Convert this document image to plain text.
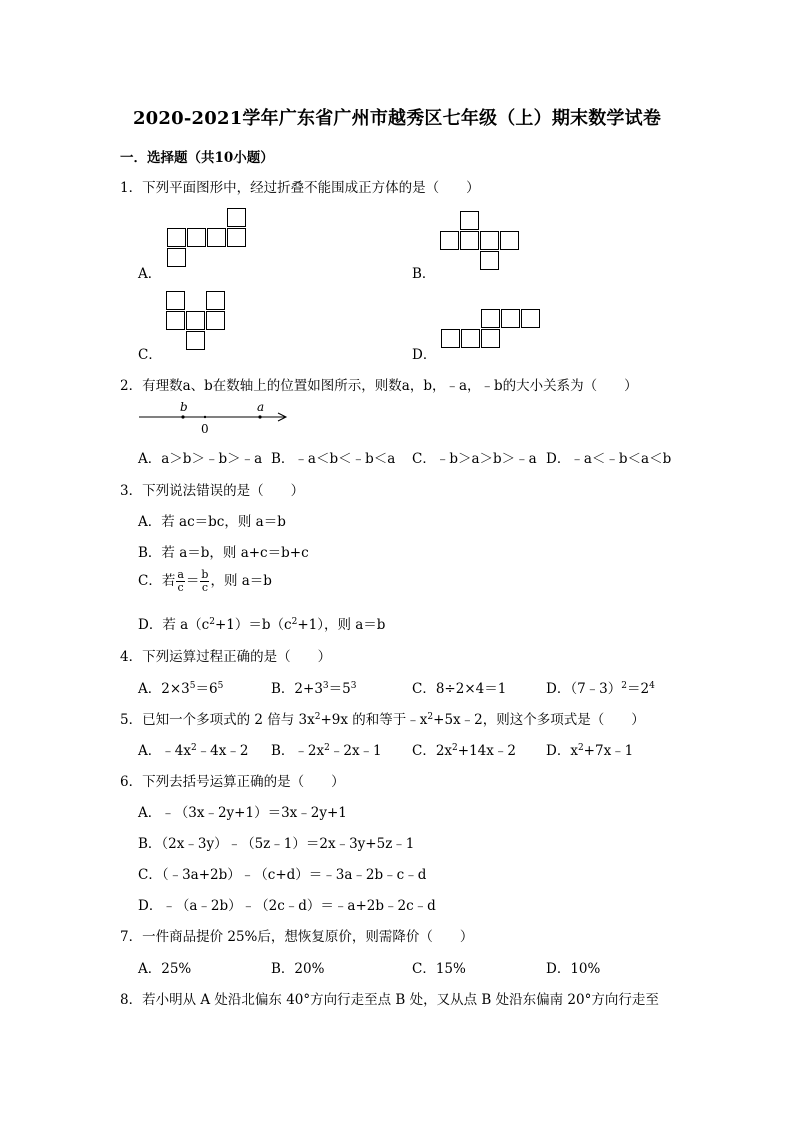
2020-2021学年广东省广州市越秀区七年级（上）期末数学试卷
一．选择题（共10小题）
1．下列平面图形中，经过折叠不能围成正方体的是（　　）
A．	B．
C．	D．
2．有理数a、b在数轴上的位置如图所示，则数a，b，﹣a，﹣b的大小关系为（　　）
b	a
0
A．a＞b＞﹣b＞﹣a B．﹣a＜b＜﹣b＜a C．﹣b＞a＞b＞﹣a D．﹣a＜﹣b＜a＜b
3．下列说法错误的是（　　）
A．若 ac＝bc，则 a＝b
B．若 a＝b，则 a+c＝b+c
C．若 $\frac{a}{c} = \frac{b}{c}$ ，则 a＝b
D．若 $a(c^2+1)=b(c^2+1)$，则 a＝b
4．下列运算过程正确的是（　　）
A．$2\times 3^5=6^5$	B．$2+3^3=5^3$	C．8÷2×4＝1	D．$(7﹣3)^2=2^4$
5．已知一个多项式的 2 倍与 $3x^2+9x$ 的和等于$﹣x^2+5x﹣2$，则这个多项式是（　　）
A．$﹣4x^2﹣4x﹣2$ B．$﹣2x^2﹣2x﹣1$ C．$2x^2+14x﹣2$ D．$x^2+7x﹣1$
6．下列去括号运算正确的是（　　）
A．﹣（3x﹣2y+1）＝3x﹣2y+1
B．（2x﹣3y）﹣（5z﹣1）＝2x﹣3y+5z﹣1
C．（﹣3a+2b）﹣（c+d）＝﹣3a﹣2b﹣c﹣d
D．﹣（a﹣2b）﹣（2c﹣d）＝﹣a+2b﹣2c﹣d
7．一件商品提价 25%后，想恢复原价，则需降价（　　）
A．25%	B．20%	C．15%	D．10%
8．若小明从 A 处沿北偏东 40°方向行走至点 B 处，又从点 B 处沿东偏南 20°方向行走至
